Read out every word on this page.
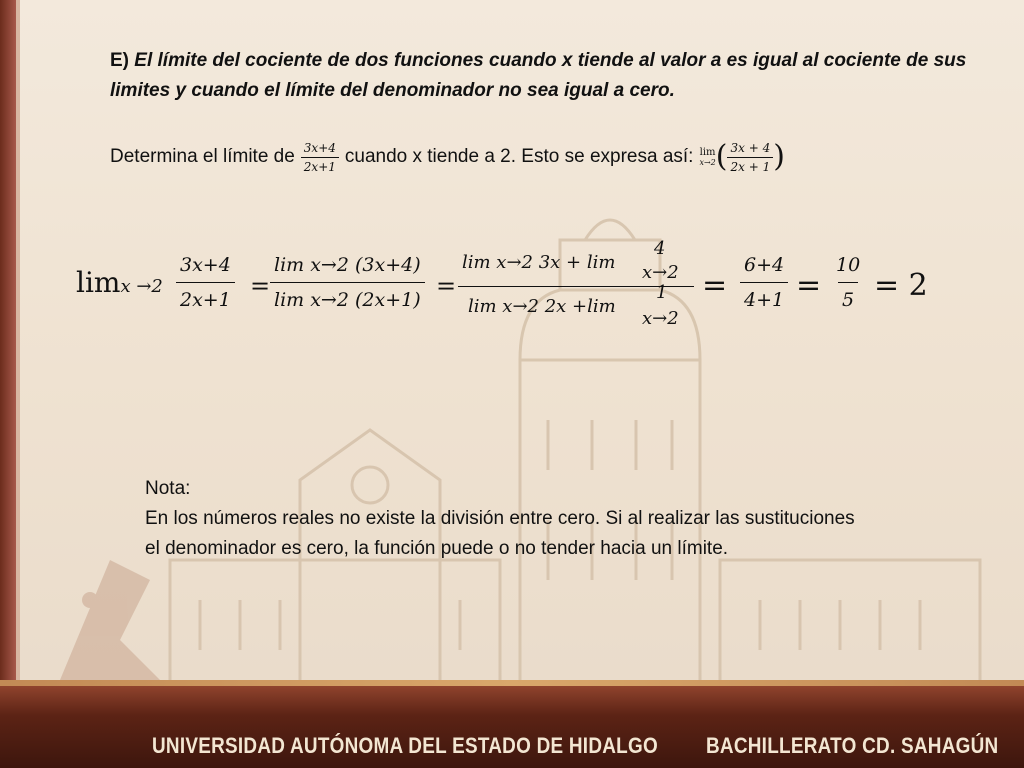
E) El límite del cociente de dos funciones cuando x tiende al valor a es igual al cociente de sus limites y cuando el límite del denominador no sea igual a cero.
Determina el límite de $\frac{\text{3𝑥+4}}{\text{2𝑥+1}}$ cuando x tiende a 2. Esto se expresa así: lim
𝑥→2 ( $\frac{\text{3𝑥 + 4}}{\text{2𝑥 + 1}}$ )
lim𝑥 →2
3𝑥+4
2𝑥+1 =
lim 𝑥→2 (3𝑥+4)
lim 𝑥→2 (2𝑥+1) =
lim 𝑥→2 3𝑥 + lim
4
𝑥→2
1
lim 𝑥→2 2𝑥 +lim
𝑥→2
= $\frac{6+4}{4+1} = \frac{10}{5} = 2$
Nota:
En los números reales no existe la división entre cero. Si al realizar las sustituciones el denominador es cero, la función puede o no tender hacia un límite.
UNIVERSIDAD AUTÓNOMA DEL ESTADO DE HIDALGO BACHILLERATO CD. SAHAGÚN
